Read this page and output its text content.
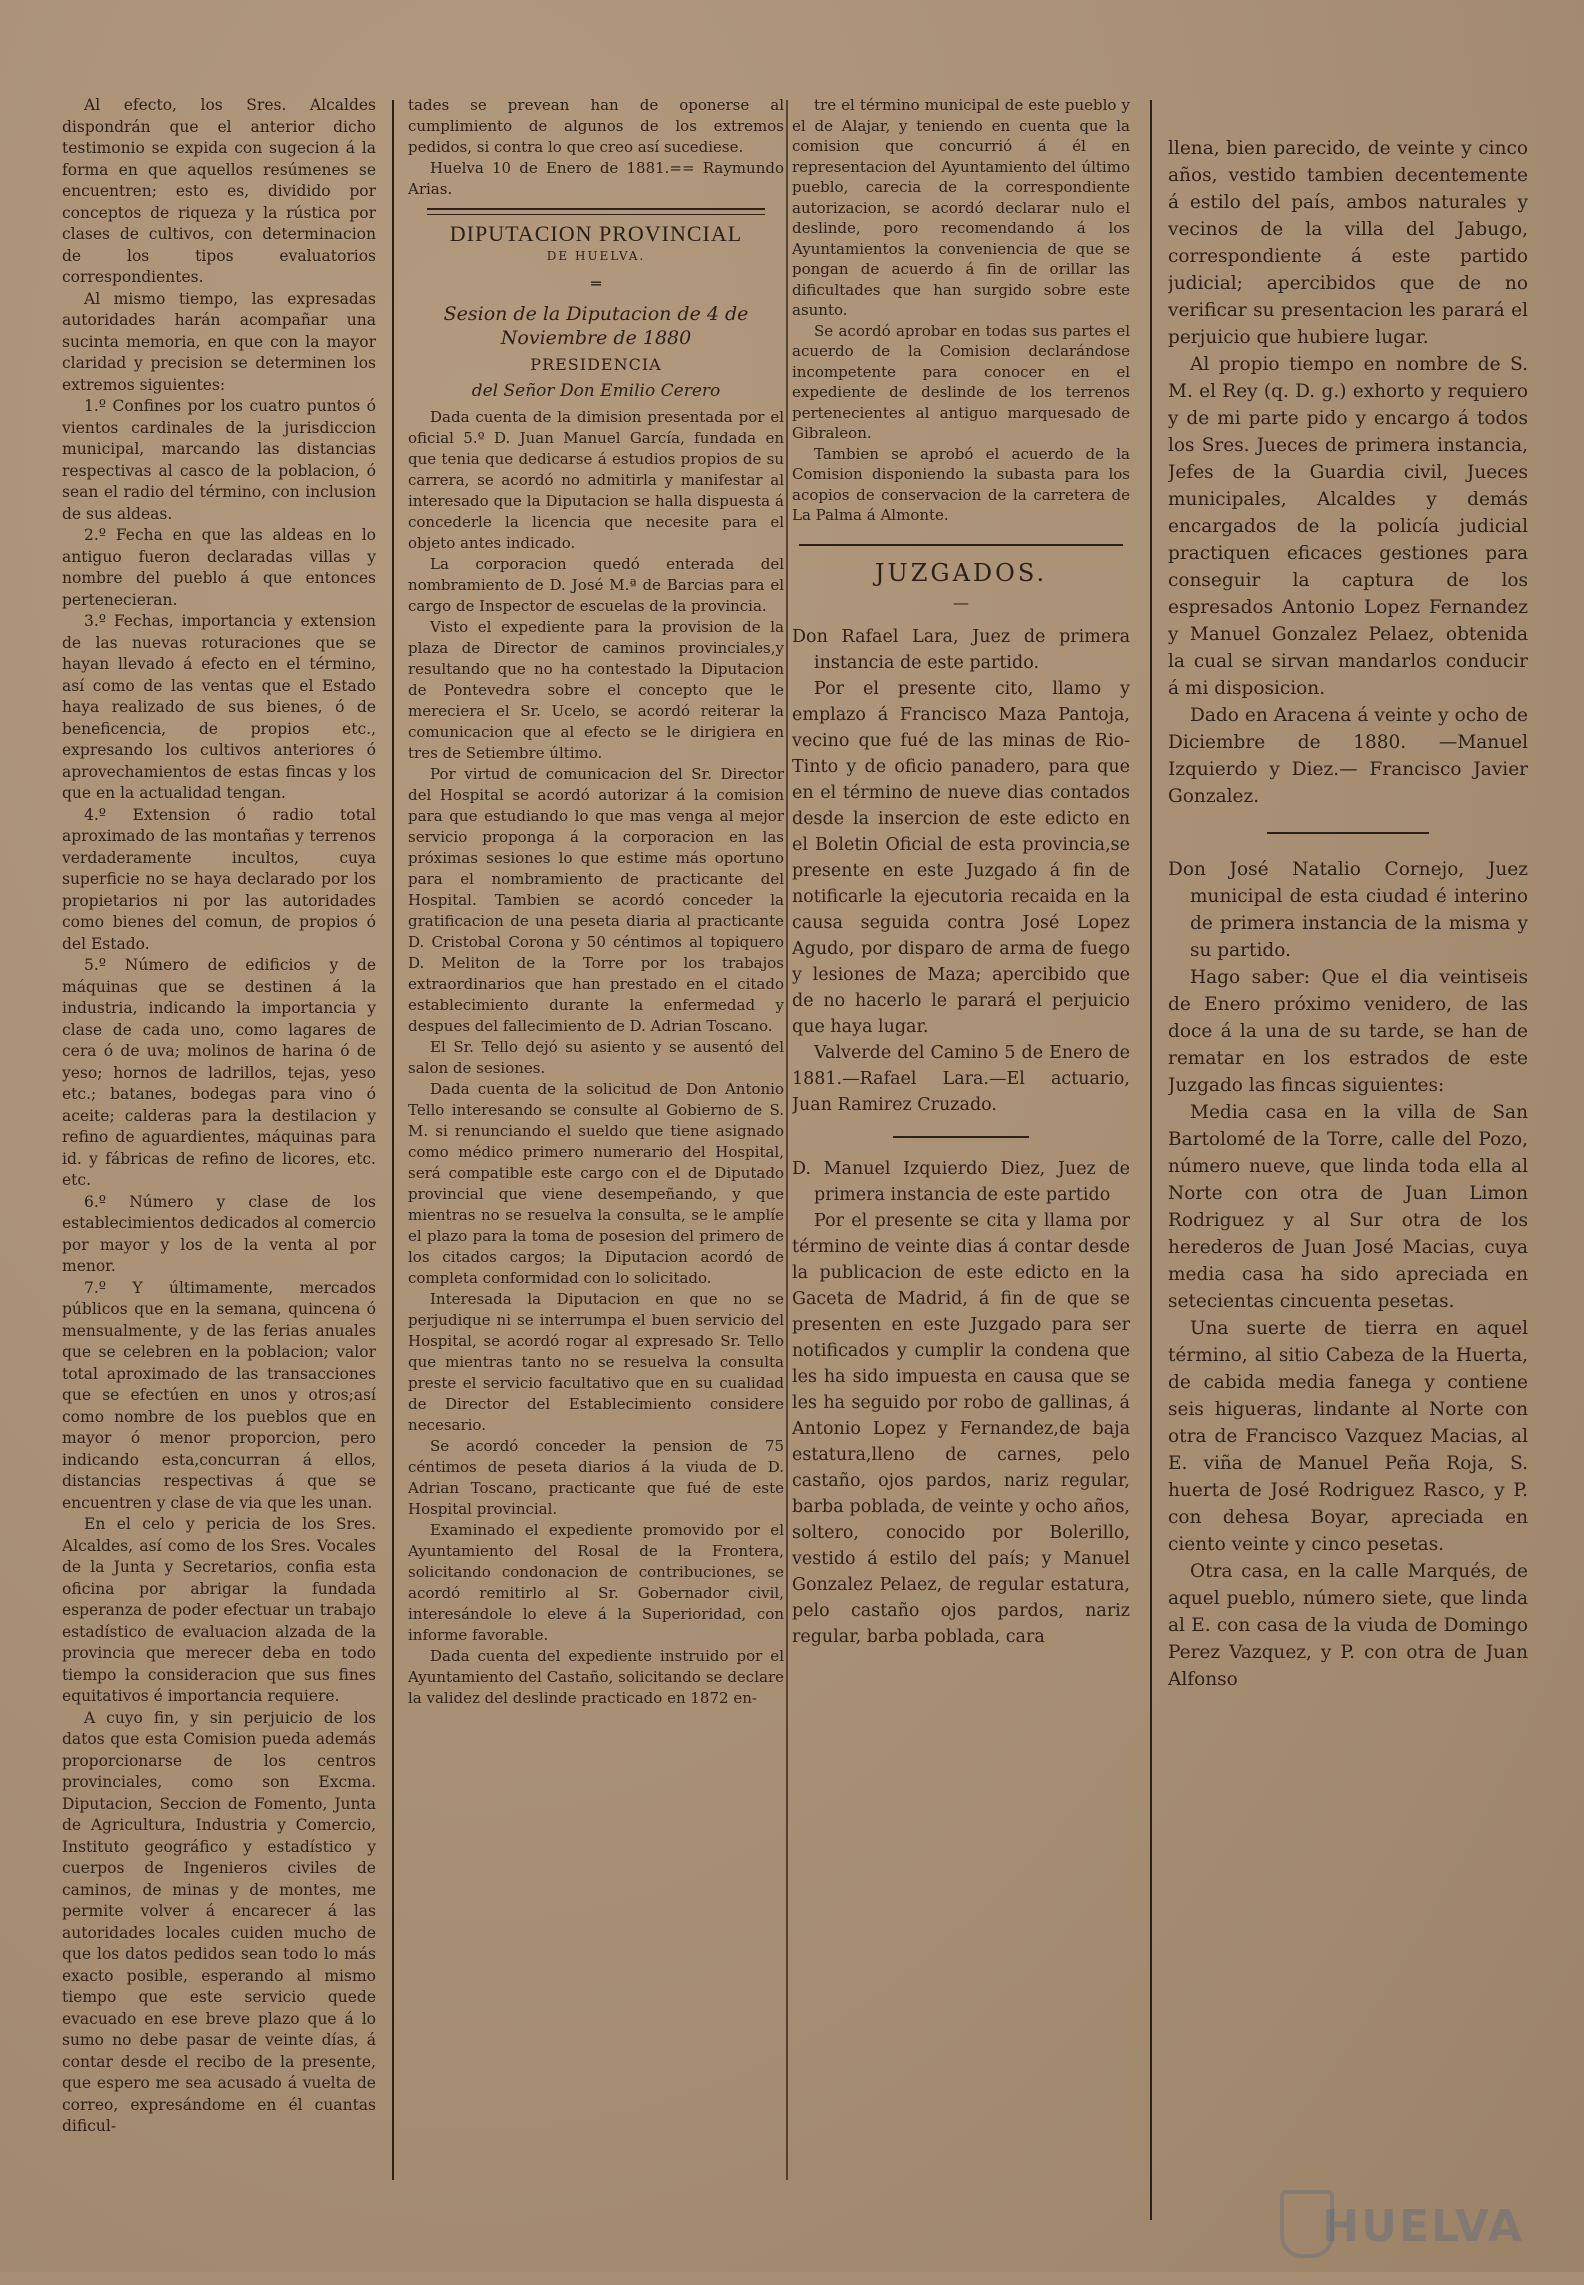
Al efecto, los Sres. Alcaldes dispondrán que el anterior dicho testimonio se expida con sugecion á la forma en que aquellos resúmenes se encuentren; esto es, dividido por conceptos de riqueza y la rústica por clases de cultivos, con determinacion de los tipos evaluatorios correspondientes.

Al mismo tiempo, las expresadas autoridades harán acompañar una sucinta memoria, en que con la mayor claridad y precision se determinen los extremos siguientes:

1.º Confines por los cuatro puntos ó vientos cardinales de la jurisdiccion municipal, marcando las distancias respectivas al casco de la poblacion, ó sean el radio del término, con inclusion de sus aldeas.

2.º Fecha en que las aldeas en lo antiguo fueron declaradas villas y nombre del pueblo á que entonces pertenecieran.

3.º Fechas, importancia y extension de las nuevas roturaciones que se hayan llevado á efecto en el término, así como de las ventas que el Estado haya realizado de sus bienes, ó de beneficencia, de propios etc., expresando los cultivos anteriores ó aprovechamientos de estas fincas y los que en la actualidad tengan.

4.º Extension ó radio total aproximado de las montañas y terrenos verdaderamente incultos, cuya superficie no se haya declarado por los propietarios ni por las autoridades como bienes del comun, de propios ó del Estado.

5.º Número de edificios y de máquinas que se destinen á la industria, indicando la importancia y clase de cada uno, como lagares de cera ó de uva; molinos de harina ó de yeso; hornos de ladrillos, tejas, yeso etc.; batanes, bodegas para vino ó aceite; calderas para la destilacion y refino de aguardientes, máquinas para id. y fábricas de refino de licores, etc. etc.

6.º Número y clase de los establecimientos dedicados al comercio por mayor y los de la venta al por menor.

7.º Y últimamente, mercados públicos que en la semana, quincena ó mensualmente, y de las ferias anuales que se celebren en la poblacion; valor total aproximado de las transacciones que se efectúen en unos y otros;así como nombre de los pueblos que en mayor ó menor proporcion, pero indicando esta,concurran á ellos, distancias respectivas á que se encuentren y clase de via que les unan.

En el celo y pericia de los Sres. Alcaldes, así como de los Sres. Vocales de la Junta y Secretarios, confia esta oficina por abrigar la fundada esperanza de poder efectuar un trabajo estadístico de evaluacion alzada de la provincia que merecer deba en todo tiempo la consideracion que sus fines equitativos é importancia requiere.

A cuyo fin, y sin perjuicio de los datos que esta Comision pueda además proporcionarse de los centros provinciales, como son Excma. Diputacion, Seccion de Fomento, Junta de Agricultura, Industria y Comercio, Instituto geográfico y estadístico y cuerpos de Ingenieros civiles de caminos, de minas y de montes, me permite volver á encarecer á las autoridades locales cuiden mucho de que los datos pedidos sean todo lo más exacto posible, esperando al mismo tiempo que este servicio quede evacuado en ese breve plazo que á lo sumo no debe pasar de veinte días, á contar desde el recibo de la presente, que espero me sea acusado á vuelta de correo, expresándome en él cuantas dificul-

tades se prevean han de oponerse al cumplimiento de algunos de los extremos pedidos, si contra lo que creo así sucediese.

Huelva 10 de Enero de 1881.== Raymundo Arias.

DIPUTACION PROVINCIAL
DE HUELVA.
═
Sesion de la Diputacion de 4 de Noviembre de 1880
PRESIDENCIA
del Señor Don Emilio Cerero

Dada cuenta de la dimision presentada por el oficial 5.º D. Juan Manuel García, fundada en que tenia que dedicarse á estudios propios de su carrera, se acordó no admitirla y manifestar al interesado que la Diputacion se halla dispuesta á concederle la licencia que necesite para el objeto antes indicado.

La corporacion quedó enterada del nombramiento de D. José M.ª de Barcias para el cargo de Inspector de escuelas de la provincia.

Visto el expediente para la provision de la plaza de Director de caminos provinciales,y resultando que no ha contestado la Diputacion de Pontevedra sobre el concepto que le mereciera el Sr. Ucelo, se acordó reiterar la comunicacion que al efecto se le dirigiera en tres de Setiembre último.

Por virtud de comunicacion del Sr. Director del Hospital se acordó autorizar á la comision para que estudiando lo que mas venga al mejor servicio proponga á la corporacion en las próximas sesiones lo que estime más oportuno para el nombramiento de practicante del Hospital. Tambien se acordó conceder la gratificacion de una peseta diaria al practicante D. Cristobal Corona y 50 céntimos al topiquero D. Meliton de la Torre por los trabajos extraordinarios que han prestado en el citado establecimiento durante la enfermedad y despues del fallecimiento de D. Adrian Toscano.

El Sr. Tello dejó su asiento y se ausentó del salon de sesiones.

Dada cuenta de la solicitud de Don Antonio Tello interesando se consulte al Gobierno de S. M. si renunciando el sueldo que tiene asignado como médico primero numerario del Hospital, será compatible este cargo con el de Diputado provincial que viene desempeñando, y que mientras no se resuelva la consulta, se le amplíe el plazo para la toma de posesion del primero de los citados cargos; la Diputacion acordó de completa conformidad con lo solicitado.

Interesada la Diputacion en que no se perjudique ni se interrumpa el buen servicio del Hospital, se acordó rogar al expresado Sr. Tello que mientras tanto no se resuelva la consulta preste el servicio facultativo que en su cualidad de Director del Establecimiento considere necesario.

Se acordó conceder la pension de 75 céntimos de peseta diarios á la viuda de D. Adrian Toscano, practicante que fué de este Hospital provincial.

Examinado el expediente promovido por el Ayuntamiento del Rosal de la Frontera, solicitando condonacion de contribuciones, se acordó remitirlo al Sr. Gobernador civil, interesándole lo eleve á la Superioridad, con informe favorable.

Dada cuenta del expediente instruido por el Ayuntamiento del Castaño, solicitando se declare la validez del deslinde practicado en 1872 en-

tre el término municipal de este pueblo y el de Alajar, y teniendo en cuenta que la comision que concurrió á él en representacion del Ayuntamiento del último pueblo, carecia de la correspondiente autorizacion, se acordó declarar nulo el deslinde, poro recomendando á los Ayuntamientos la conveniencia de que se pongan de acuerdo á fin de orillar las dificultades que han surgido sobre este asunto.

Se acordó aprobar en todas sus partes el acuerdo de la Comision declarándose incompetente para conocer en el expediente de deslinde de los terrenos pertenecientes al antiguo marquesado de Gibraleon.

Tambien se aprobó el acuerdo de la Comision disponiendo la subasta para los acopios de conservacion de la carretera de La Palma á Almonte.

JUZGADOS.
—

Don Rafael Lara, Juez de primera instancia de este partido.

Por el presente cito, llamo y emplazo á Francisco Maza Pantoja, vecino que fué de las minas de Rio-Tinto y de oficio panadero, para que en el término de nueve dias contados desde la insercion de este edicto en el Boletin Oficial de esta provincia,se presente en este Juzgado á fin de notificarle la ejecutoria recaida en la causa seguida contra José Lopez Agudo, por disparo de arma de fuego y lesiones de Maza; apercibido que de no hacerlo le parará el perjuicio que haya lugar.

Valverde del Camino 5 de Enero de 1881.—Rafael Lara.—El actuario, Juan Ramirez Cruzado.

D. Manuel Izquierdo Diez, Juez de primera instancia de este partido

Por el presente se cita y llama por término de veinte dias á contar desde la publicacion de este edicto en la Gaceta de Madrid, á fin de que se presenten en este Juzgado para ser notificados y cumplir la condena que les ha sido impuesta en causa que se les ha seguido por robo de gallinas, á Antonio Lopez y Fernandez,de baja estatura,lleno de carnes, pelo castaño, ojos pardos, nariz regular, barba poblada, de veinte y ocho años, soltero, conocido por Bolerillo, vestido á estilo del país; y Manuel Gonzalez Pelaez, de regular estatura, pelo castaño ojos pardos, nariz regular, barba poblada, cara

llena, bien parecido, de veinte y cinco años, vestido tambien decentemente á estilo del país, ambos naturales y vecinos de la villa del Jabugo, correspondiente á este partido judicial; apercibidos que de no verificar su presentacion les parará el perjuicio que hubiere lugar.

Al propio tiempo en nombre de S. M. el Rey (q. D. g.) exhorto y requiero y de mi parte pido y encargo á todos los Sres. Jueces de primera instancia, Jefes de la Guardia civil, Jueces municipales, Alcaldes y demás encargados de la policía judicial practiquen eficaces gestiones para conseguir la captura de los espresados Antonio Lopez Fernandez y Manuel Gonzalez Pelaez, obtenida la cual se sirvan mandarlos conducir á mi disposicion.

Dado en Aracena á veinte y ocho de Diciembre de 1880. —Manuel Izquierdo y Diez.— Francisco Javier Gonzalez.

Don José Natalio Cornejo, Juez municipal de esta ciudad é interino de primera instancia de la misma y su partido.

Hago saber: Que el dia veintiseis de Enero próximo venidero, de las doce á la una de su tarde, se han de rematar en los estrados de este Juzgado las fincas siguientes:

Media casa en la villa de San Bartolomé de la Torre, calle del Pozo, número nueve, que linda toda ella al Norte con otra de Juan Limon Rodriguez y al Sur otra de los herederos de Juan José Macias, cuya media casa ha sido apreciada en setecientas cincuenta pesetas.

Una suerte de tierra en aquel término, al sitio Cabeza de la Huerta, de cabida media fanega y contiene seis higueras, lindante al Norte con otra de Francisco Vazquez Macias, al E. viña de Manuel Peña Roja, S. huerta de José Rodriguez Rasco, y P. con dehesa Boyar, apreciada en ciento veinte y cinco pesetas.

Otra casa, en la calle Marqués, de aquel pueblo, número siete, que linda al E. con casa de la viuda de Domingo Perez Vazquez, y P. con otra de Juan Alfonso

HUELVA
